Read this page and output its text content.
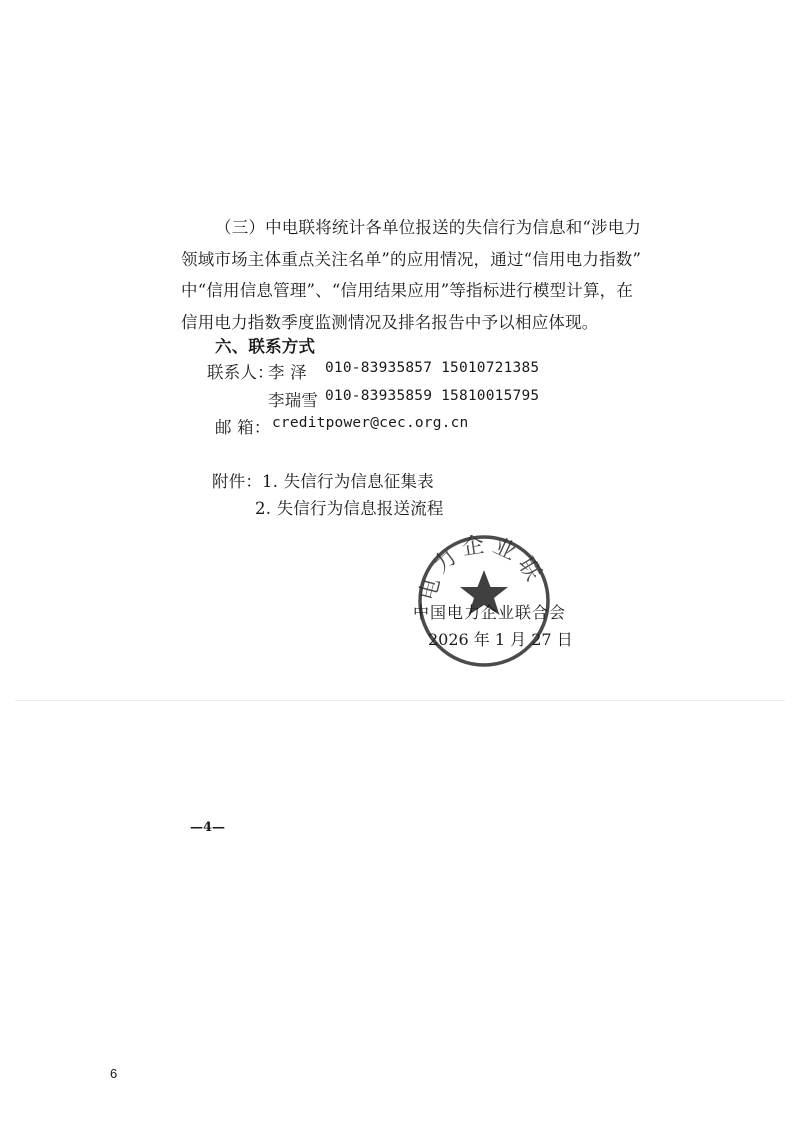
（三）中电联将统计各单位报送的失信行为信息和“涉电力
领域市场主体重点关注名单”的应用情况，通过“信用电力指数”
中“信用信息管理”、“信用结果应用”等指标进行模型计算，在
信用电力指数季度监测情况及排名报告中予以相应体现。
六、联系方式
联系人：
李 泽 010-83935857 15010721385
李瑞雪 010-83935859 15810015795
邮 箱： creditpower@cec.org.cn
附件： 1. 失信行为信息征集表
2. 失信行为信息报送流程
电力企业联
中国电力企业联合会
2026 年 1 月 27 日
—4—
6
